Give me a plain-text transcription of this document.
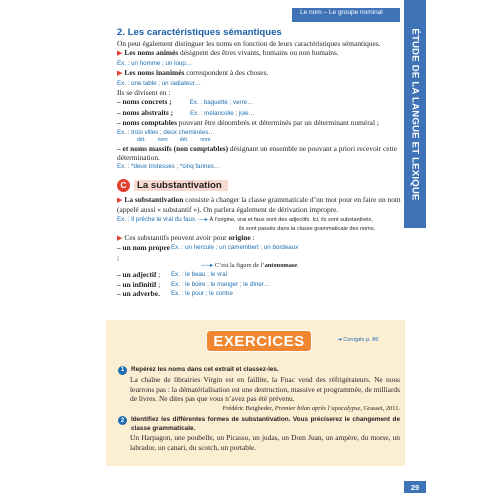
Le nom – Le groupe nominal
ÉTUDE DE LA LANGUE ET LEXIQUE
2. Les caractéristiques sémantiques
On peut également distinguer les noms en fonction de leurs caractéristiques sémantiques.
▶ Les noms animés désignent des êtres vivants, humains ou non humains.
Ex. : un homme ; un loup…
▶ Les noms inanimés correspondent à des choses.
Ex. : une table ; un radiateur…
Ils se divisent en :
– noms concrets ;	Ex. : baguette ; verre…
– noms abstraits ;	Ex. : mélancolie ; joie…
– noms comptables pouvant être dénombrés et déterminés par un déterminant numéral ;
Ex. : trois villes ; deux cheminées…
dét. nom dét. nom
– et noms massifs (non comptables) désignant un ensemble ne pouvant a priori recevoir cette détermination.
Ex. : *deux tristesses ; *cinq farines…
C	La substantivation
▶ La substantivation consiste à changer la classe grammaticale d’un mot pour en faire un nom (appelé aussi « substantif »). On parlera également de dérivation impropre.
Ex. : Il prêche le vrai du faux. —▸ À l’origine, vrai et faux sont des adjectifs. Ici, ils sont substantivés,
ils sont passés dans la classe grammaticale des noms.
▶ Ces substantifs peuvent avoir pour origine :
– un nom propre ;
Ex. : un hercule ; un camembert ; un bordeaux
──▸ C’est la figure de l’antonomase.
– un adjectif ;	Ex. : le beau ; le vrai
– un infinitif ;	Ex. : le boire ; le manger ; le dîner…
– un adverbe.	Ex. : le pour ; le contre
EXERCICES	➜ Corrigés p. 86
1	Repérez les noms dans cet extrait et classez-les.
La chaîne de librairies Virgin est en faillite, la Fnac vend des réfrigérateurs. Ne nous leurrons pas : la dématérialisation est une destruction, massive et programmée, de milliards de livres. Ne dites pas que vous n’avez pas été prévenu.
Frédéric Beigbeder, Premier bilan après l’apocalypse, Grasset, 2011.
2	Identifiez les différentes formes de substantivation. Vous préciserez le changement de classe grammaticale.
Un Harpagon, une poubelle, un Picasso, un judas, un Dom Juan, un ampère, du morse, un labrador, un canari, du scotch, un portable.
29
